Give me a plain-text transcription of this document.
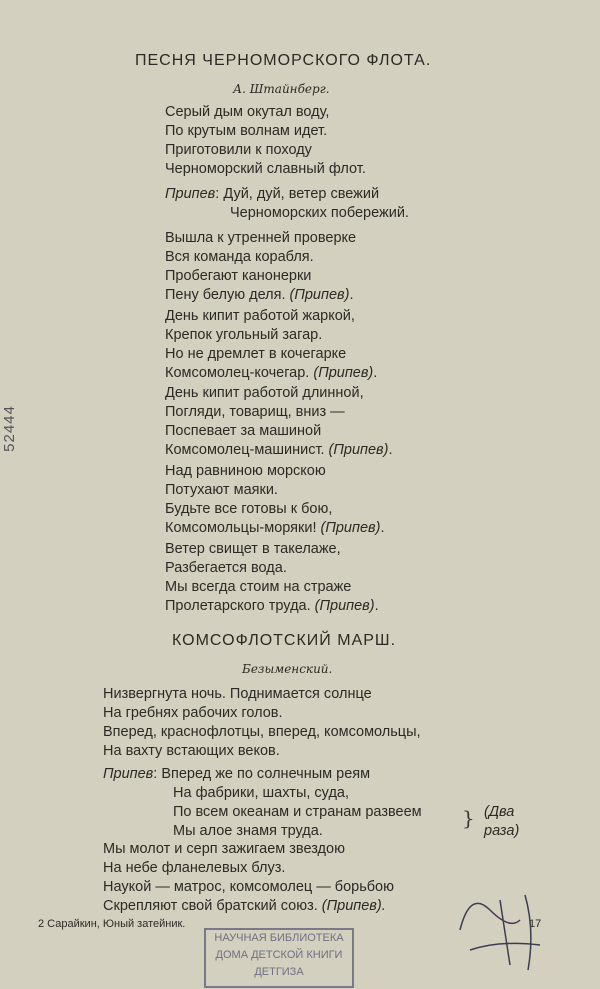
52444
ПЕСНЯ ЧЕРНОМОРСКОГО ФЛОТА.
А. Штайнберг.
Серый дым окутал воду,
По крутым волнам идет.
Приготовили к походу
Черноморский славный флот.
Припев: Дуй, дуй, ветер свежий
Черноморских побережий.
Вышла к утренней проверке
Вся команда корабля.
Пробегают канонерки
Пену белую деля. (Припев).
День кипит работой жаркой,
Крепок угольный загар.
Но не дремлет в кочегарке
Комсомолец-кочегар. (Припев).
День кипит работой длинной,
Погляди, товарищ, вниз —
Поспевает за машиной
Комсомолец-машинист. (Припев).
Над равниною морскою
Потухают маяки.
Будьте все готовы к бою,
Комсомольцы-моряки! (Припев).
Ветер свищет в такелаже,
Разбегается вода.
Мы всегда стоим на страже
Пролетарского труда. (Припев).
КОМСОФЛОТСКИЙ МАРШ.
Безыменский.
Низвергнута ночь. Поднимается солнце
На гребнях рабочих голов.
Вперед, краснофлотцы, вперед, комсомольцы,
На вахту встающих веков.
Припев: Вперед же по солнечным реям
На фабрики, шахты, суда,
По всем океанам и странам развеем
Мы алое знамя труда.
} (Два
раза)
Мы молот и серп зажигаем звездою
На небе фланелевых блуз.
Наукой — матрос, комсомолец — борьбою
Скрепляют свой братский союз. (Припев).
2 Сарайкин, Юный затейник.	17
НАУЧНАЯ БИБЛИОТЕКА
ДОМА ДЕТСКОЙ КНИГИ
ДЕТГИЗА
